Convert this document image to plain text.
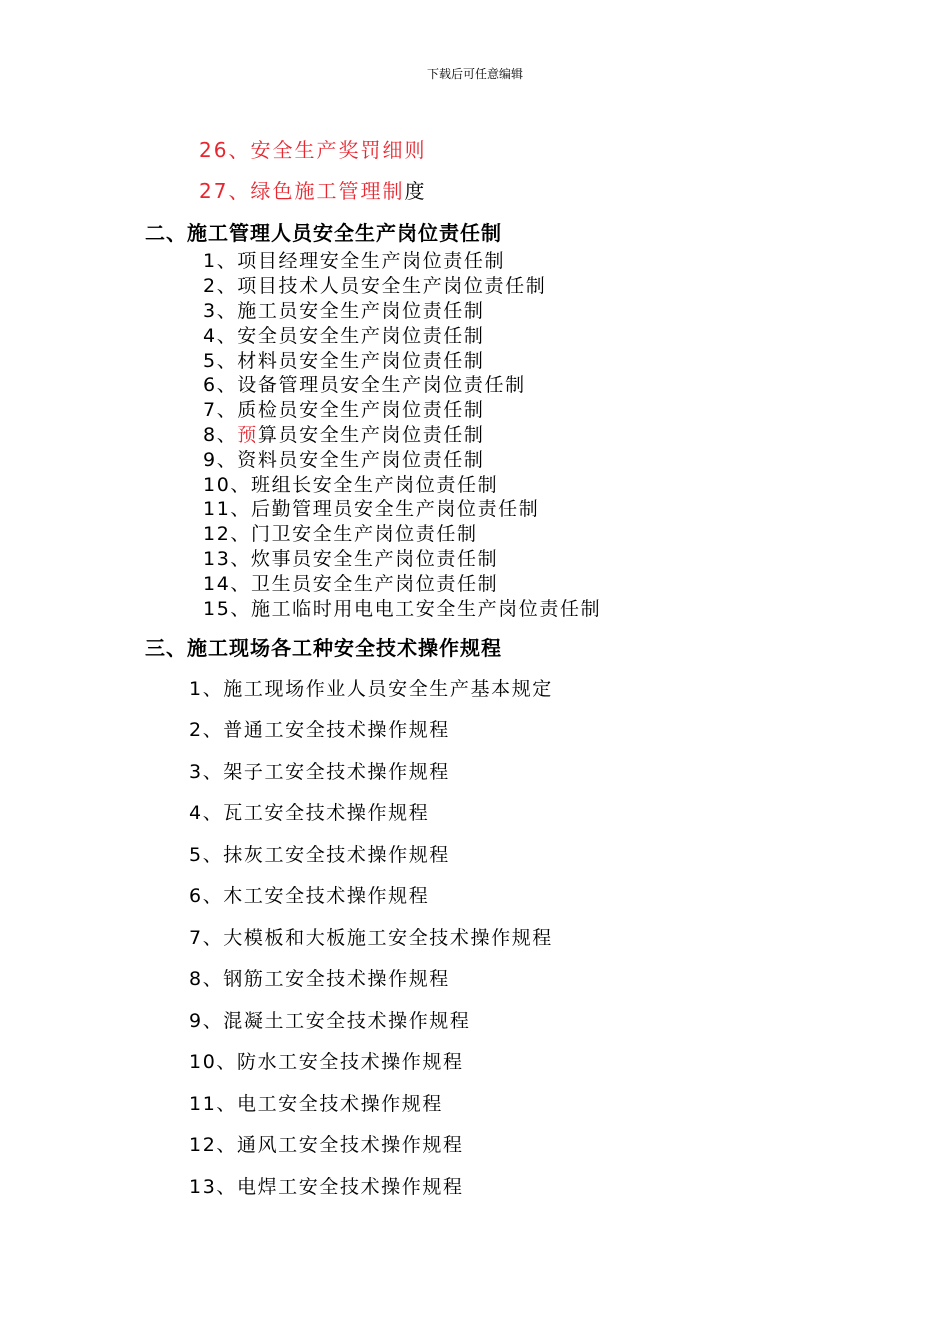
下载后可任意编辑
26、安全生产奖罚细则
27、绿色施工管理制度
二、施工管理人员安全生产岗位责任制
1、项目经理安全生产岗位责任制
2、项目技术人员安全生产岗位责任制
3、施工员安全生产岗位责任制
4、安全员安全生产岗位责任制
5、材料员安全生产岗位责任制
6、设备管理员安全生产岗位责任制
7、质检员安全生产岗位责任制
8、预算员安全生产岗位责任制
9、资料员安全生产岗位责任制
10、班组长安全生产岗位责任制
11、后勤管理员安全生产岗位责任制
12、门卫安全生产岗位责任制
13、炊事员安全生产岗位责任制
14、卫生员安全生产岗位责任制
15、施工临时用电电工安全生产岗位责任制
三、施工现场各工种安全技术操作规程
1、施工现场作业人员安全生产基本规定
2、普通工安全技术操作规程
3、架子工安全技术操作规程
4、瓦工安全技术操作规程
5、抹灰工安全技术操作规程
6、木工安全技术操作规程
7、大模板和大板施工安全技术操作规程
8、钢筋工安全技术操作规程
9、混凝土工安全技术操作规程
10、防水工安全技术操作规程
11、电工安全技术操作规程
12、通风工安全技术操作规程
13、电焊工安全技术操作规程
